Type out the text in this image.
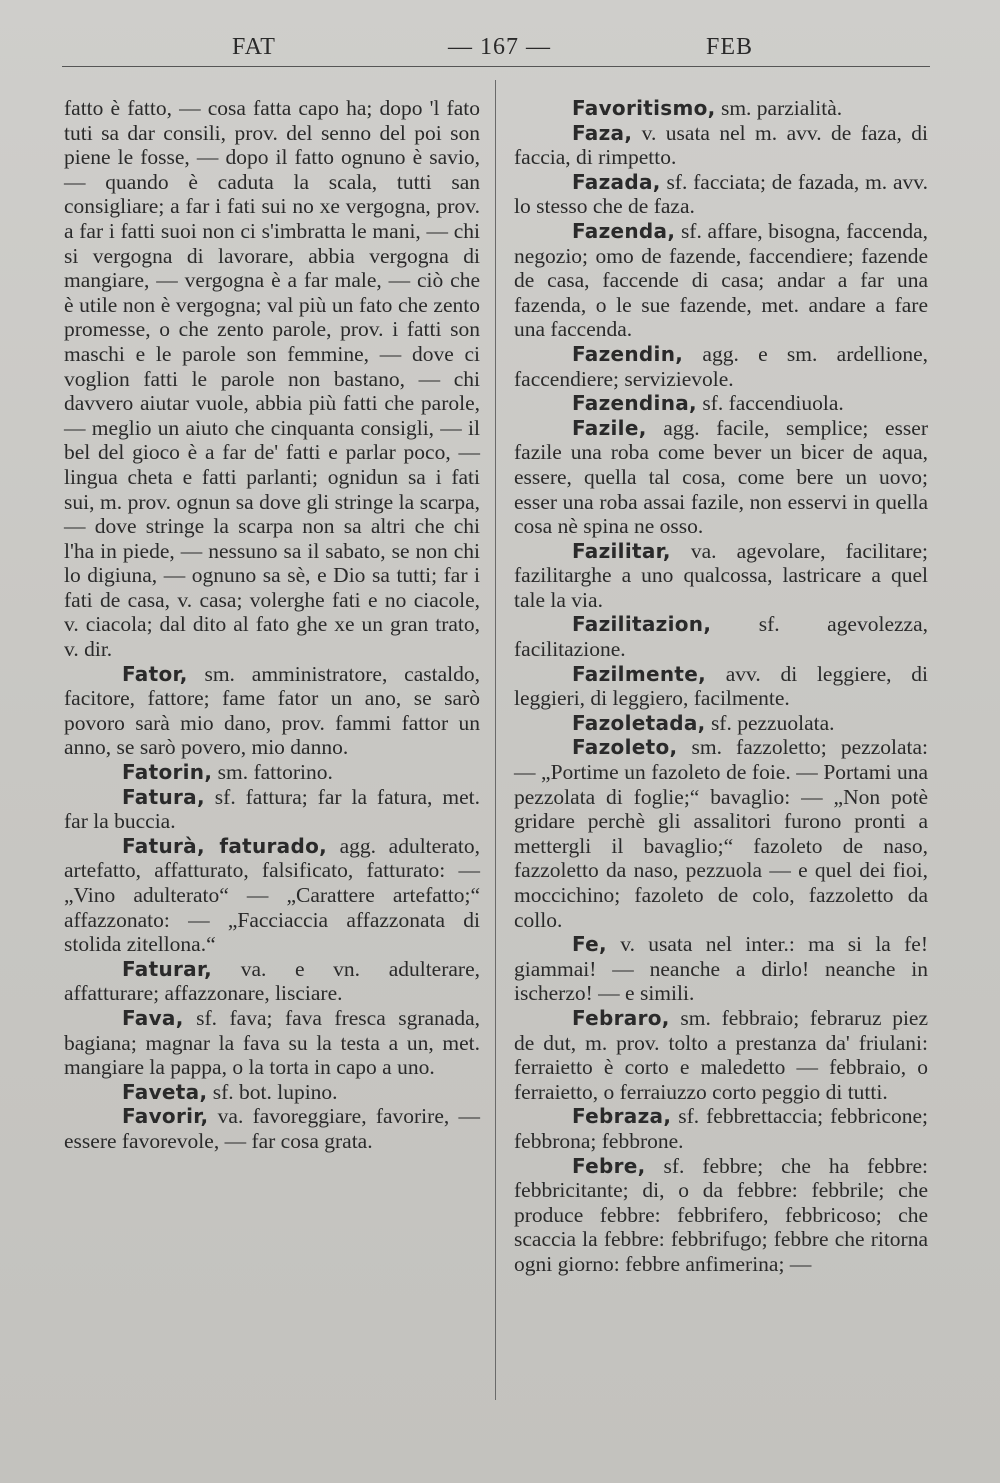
FAT	— 167 —	FEB

fatto è fatto, — cosa fatta capo ha; dopo 'l fato tuti sa dar consili, prov. del senno del poi son piene le fosse, — dopo il fatto ognuno è savio, — quando è caduta la scala, tutti san consigliare; a far i fati sui no xe vergogna, prov. a far i fatti suoi non ci s'imbratta le mani, — chi si vergogna di lavorare, abbia vergogna di mangiare, — vergogna è a far male, — ciò che è utile non è vergogna; val più un fato che zento promesse, o che zento parole, prov. i fatti son maschi e le parole son femmine, — dove ci voglion fatti le parole non bastano, — chi davvero aiutar vuole, abbia più fatti che parole, — meglio un aiuto che cinquanta consigli, — il bel del gioco è a far de' fatti e parlar poco, — lingua cheta e fatti parlanti; ognidun sa i fati sui, m. prov. ognun sa dove gli stringe la scarpa, — dove stringe la scarpa non sa altri che chi l'ha in piede, — nessuno sa il sabato, se non chi lo digiuna, — ognuno sa sè, e Dio sa tutti; far i fati de casa, v. casa; volerghe fati e no ciacole, v. ciacola; dal dito al fato ghe xe un gran trato, v. dir.

Fator, sm. amministratore, castaldo, facitore, fattore; fame fator un ano, se sarò povoro sarà mio dano, prov. fammi fattor un anno, se sarò povero, mio danno.

Fatorin, sm. fattorino.

Fatura, sf. fattura; far la fatura, met. far la buccia.

Faturà, faturado, agg. adulterato, artefatto, affatturato, falsificato, fatturato: — „Vino adulterato“ — „Carattere artefatto;“ affazzonato: — „Facciaccia affazzonata di stolida zitellona.“

Faturar, va. e vn. adulterare, affatturare; affazzonare, lisciare.

Fava, sf. fava; fava fresca sgranada, bagiana; magnar la fava su la testa a un, met. mangiare la pappa, o la torta in capo a uno.

Faveta, sf. bot. lupino.

Favorir, va. favoreggiare, favorire, — essere favorevole, — far cosa grata.

Favoritismo, sm. parzialità.

Faza, v. usata nel m. avv. de faza, di faccia, di rimpetto.

Fazada, sf. facciata; de fazada, m. avv. lo stesso che de faza.

Fazenda, sf. affare, bisogna, faccenda, negozio; omo de fazende, faccendiere; fazende de casa, faccende di casa; andar a far una fazenda, o le sue fazende, met. andare a fare una faccenda.

Fazendin, agg. e sm. ardellione, faccendiere; servizievole.

Fazendina, sf. faccendiuola.

Fazile, agg. facile, semplice; esser fazile una roba come bever un bicer de aqua, essere, quella tal cosa, come bere un uovo; esser una roba assai fazile, non esservi in quella cosa nè spina ne osso.

Fazilitar, va. agevolare, facilitare; fazilitarghe a uno qualcossa, lastricare a quel tale la via.

Fazilitazion, sf. agevolezza, facilitazione.

Fazilmente, avv. di leggiere, di leggieri, di leggiero, facilmente.

Fazoletada, sf. pezzuolata.

Fazoleto, sm. fazzoletto; pezzolata: — „Portime un fazoleto de foie. — Portami una pezzolata di foglie;“ bavaglio: — „Non potè gridare perchè gli assalitori furono pronti a mettergli il bavaglio;“ fazoleto de naso, fazzoletto da naso, pezzuola — e quel dei fioi, moccichino; fazoleto de colo, fazzoletto da collo.

Fe, v. usata nel inter.: ma si la fe! giammai! — neanche a dirlo! neanche in ischerzo! — e simili.

Febraro, sm. febbraio; febraruz piez de dut, m. prov. tolto a prestanza da' friulani: ferraietto è corto e maledetto — febbraio, o ferraietto, o ferraiuzzo corto peggio di tutti.

Febraza, sf. febbrettaccia; febbricone; febbrona; febbrone.

Febre, sf. febbre; che ha febbre: febbricitante; di, o da febbre: febbrile; che produce febbre: febbrifero, febbricoso; che scaccia la febbre: febbrifugo; febbre che ritorna ogni giorno: febbre anfimerina; —
